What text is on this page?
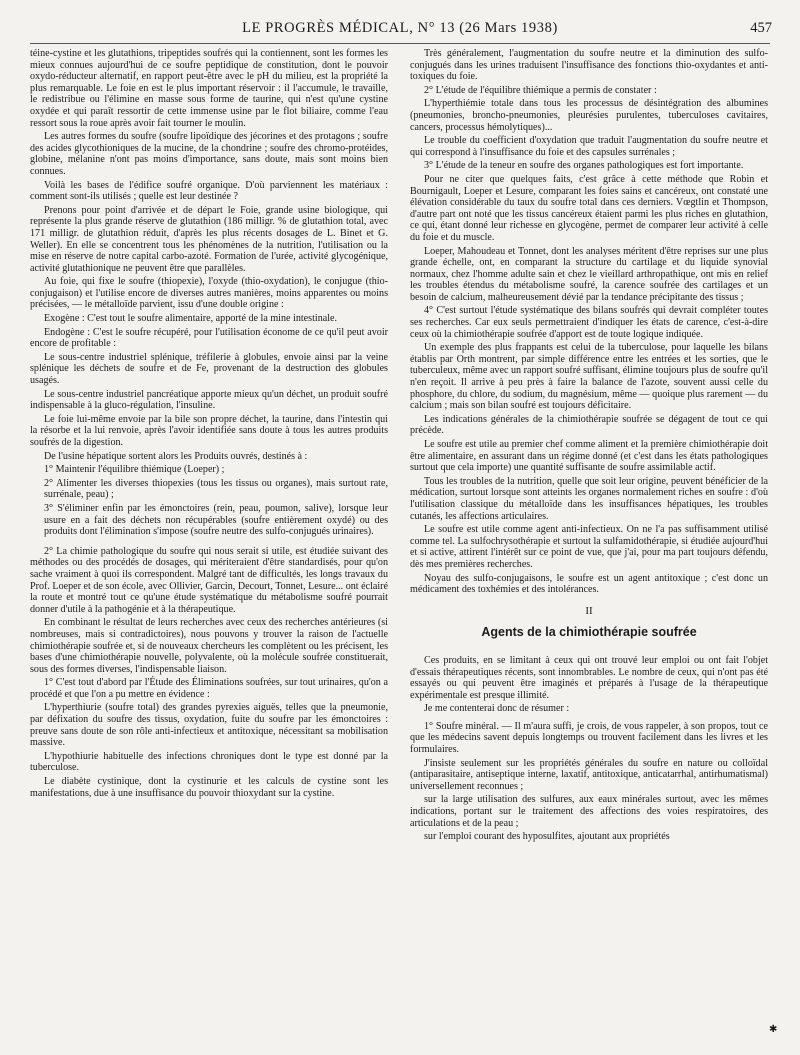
LE PROGRÈS MÉDICAL, N° 13 (26 Mars 1938)	457

téine-cystine et les glutathions, tripeptides soufrés qui la contiennent, sont les formes les mieux connues aujourd'hui de ce soufre peptidique de constitution, dont le pouvoir oxydo-réducteur alternatif, en rapport peut-être avec le pH du milieu, est la propriété la plus remarquable. Le foie en est le plus important réservoir : il l'accumule, le travaille, le redistribue ou l'élimine en masse sous forme de taurine, qui n'est qu'une cystine oxydée et qui paraît ressortir de cette immense usine par le flot biliaire, comme l'eau ressort sous la roue après avoir fait tourner le moulin.

Les autres formes du soufre (soufre lipoïdique des jécorines et des protagons ; soufre des acides glycothioniques de la mucine, de la chondrine ; soufre des chromo-protéides, globine, mélanine n'ont pas moins d'importance, sans doute, mais sont moins bien connues.

Voilà les bases de l'édifice soufré organique. D'où parviennent les matériaux : comment sont-ils utilisés ; quelle est leur destinée ?

Prenons pour point d'arrivée et de départ le Foie, grande usine biologique, qui représente la plus grande réserve de glutathion (186 milligr. % de glutathion total, avec 171 milligr. de glutathion réduit, d'après les plus récents dosages de L. Binet et G. Weller). En elle se concentrent tous les phénomènes de la nutrition, l'utilisation ou la mise en réserve de notre capital carbo-azoté. Formation de l'urée, activité glycogénique, activité glutathionique ne peuvent être que parallèles.

Au foie, qui fixe le soufre (thiopexie), l'oxyde (thio-oxydation), le conjugue (thio-conjugaison) et l'utilise encore de diverses autres manières, moins apparentes ou moins précisées, — le métalloïde parvient, issu d'une double origine :

Exogène : C'est tout le soufre alimentaire, apporté de la mine intestinale.

Endogène : C'est le soufre récupéré, pour l'utilisation économe de ce qu'il peut avoir encore de profitable :

Le sous-centre industriel splénique, tréfilerie à globules, envoie ainsi par la veine splénique les déchets de soufre et de Fe, provenant de la destruction des globules usagés.

Le sous-centre industriel pancréatique apporte mieux qu'un déchet, un produit soufré indispensable à la gluco-régulation, l'insuline.

Le foie lui-même envoie par la bile son propre déchet, la taurine, dans l'intestin qui la résorbe et la lui renvoie, après l'avoir identifiée sans doute à tous les autres produits soufrés de la digestion.

De l'usine hépatique sortent alors les Produits ouvrés, destinés à :

1° Maintenir l'équilibre thiémique (Loeper) ;

2° Alimenter les diverses thiopexies (tous les tissus ou organes), mais surtout rate, surrénale, peau) ;

3° S'éliminer enfin par les émonctoires (rein, peau, poumon, salive), lorsque leur usure en a fait des déchets non récupérables (soufre entièrement oxydé) ou des produits dont l'élimination s'impose (soufre neutre des sulfo-conjugués urinaires).

2° La chimie pathologique du soufre qui nous serait si utile, est étudiée suivant des méthodes ou des procédés de dosages, qui mériteraient d'être standardisés, pour qu'on sache vraiment à quoi ils correspondent. Malgré tant de difficultés, les longs travaux du Prof. Loeper et de son école, avec Ollivier, Garcin, Decourt, Tonnet, Lesure... ont éclairé la route et montré tout ce qu'une étude systématique du métabolisme soufré pourrait donner d'utile à la pathogénie et à la thérapeutique.

En combinant le résultat de leurs recherches avec ceux des recherches antérieures (si nombreuses, mais si contradictoires), nous pouvons y trouver la raison de l'actuelle chimiothérapie soufrée et, si de nouveaux chercheurs les complètent ou les précisent, les bases d'une chimiothérapie nouvelle, polyvalente, où la molécule soufrée constituerait, sous des formes diverses, l'indispensable liaison.

1° C'est tout d'abord par l'Étude des Éliminations soufrées, sur tout urinaires, qu'on a procédé et que l'on a pu mettre en évidence :

L'hyperthiurie (soufre total) des grandes pyrexies aiguës, telles que la pneumonie, par défixation du soufre des tissus, oxydation, fuite du soufre par les émonctoires : preuve sans doute de son rôle anti-infectieux et antitoxique, nécessitant sa mobilisation massive.

L'hypothiurie habituelle des infections chroniques dont le type est donné par la tuberculose.

Le diabète cystinique, dont la cystinurie et les calculs de cystine sont les manifestations, due à une insuffisance du pouvoir thioxydant sur la cystine.

Très généralement, l'augmentation du soufre neutre et la diminution des sulfo-conjugués dans les urines traduisent l'insuffisance des fonctions thio-oxydantes et anti-toxiques du foie.

2° L'étude de l'équilibre thiémique a permis de constater :

L'hyperthiémie totale dans tous les processus de désintégration des albumines (pneumonies, broncho-pneumonies, pleurésies purulentes, tuberculoses cavitaires, cancers, processus hémolytiques)...

Le trouble du coefficient d'oxydation que traduit l'augmentation du soufre neutre et qui correspond à l'insuffisance du foie et des capsules surrénales ;

3° L'étude de la teneur en soufre des organes pathologiques est fort importante.

Pour ne citer que quelques faits, c'est grâce à cette méthode que Robin et Bournigault, Loeper et Lesure, comparant les foies sains et cancéreux, ont constaté une élévation considérable du taux du soufre total dans ces derniers. Vœgtlin et Thompson, d'autre part ont noté que les tissus cancéreux étaient parmi les plus riches en glutathion, ce qui, étant donné leur richesse en glycogène, permet de comparer leur activité à celle du foie et du muscle.

Loeper, Mahoudeau et Tonnet, dont les analyses méritent d'être reprises sur une plus grande échelle, ont, en comparant la structure du cartilage et du liquide synovial normaux, chez l'homme adulte sain et chez le vieillard arthropathique, ont mis en relief les troubles étendus du métabolisme soufré, la carence soufrée des cartilages et un besoin de calcium, malheureusement dévié par la tendance précipitante des tissus ;

4° C'est surtout l'étude systématique des bilans soufrés qui devrait compléter toutes ses recherches. Car eux seuls permettraient d'indiquer les états de carence, c'est-à-dire ceux où la chimiothérapie soufrée d'apport est de toute logique indiquée.

Un exemple des plus frappants est celui de la tuberculose, pour laquelle les bilans établis par Orth montrent, par simple différence entre les entrées et les sorties, que le tuberculeux, même avec un rapport soufré suffisant, élimine toujours plus de soufre qu'il n'en reçoit. Il arrive à peu près à faire la balance de l'azote, souvent aussi celle du phosphore, du chlore, du sodium, du magnésium, même — quoique plus rarement — du calcium ; mais son bilan soufré est toujours déficitaire.

Les indications générales de la chimiothérapie soufrée se dégagent de tout ce qui précède.

Le soufre est utile au premier chef comme aliment et la première chimiothérapie doit être alimentaire, en assurant dans un régime donné (et c'est dans les états pathologiques surtout que cela importe) une quantité suffisante de soufre assimilable actif.

Tous les troubles de la nutrition, quelle que soit leur origine, peuvent bénéficier de la médication, surtout lorsque sont atteints les organes normalement riches en soufre : d'où l'utilisation classique du métalloïde dans les insuffisances hépatiques, les troubles cutanés, les affections articulaires.

Le soufre est utile comme agent anti-infectieux. On ne l'a pas suffisamment utilisé comme tel. La sulfochrysothérapie et surtout la sulfamidothérapie, si étudiée aujourd'hui et si active, attirent l'intérêt sur ce point de vue, que j'ai, pour ma part toujours défendu, dès mes premières recherches.

Noyau des sulfo-conjugaisons, le soufre est un agent antitoxique ; c'est donc un médicament des toxhémies et des intolérances.

II
Agents de la chimiothérapie soufrée

Ces produits, en se limitant à ceux qui ont trouvé leur emploi ou ont fait l'objet d'essais thérapeutiques récents, sont innombrables. Le nombre de ceux, qui n'ont pas été essayés ou qui peuvent être imaginés et préparés à l'usage de la thérapeutique expérimentale est presque illimité.

Je me contenterai donc de résumer :

1° Soufre minéral. — Il m'aura suffi, je crois, de vous rappeler, à son propos, tout ce que les médecins savent depuis longtemps ou trouvent facilement dans les livres et les formulaires.

J'insiste seulement sur les propriétés générales du soufre en nature ou colloïdal (antiparasitaire, antiseptique interne, laxatif, antitoxique, anticatarrhal, antirhumatismal) universellement reconnues ;

sur la large utilisation des sulfures, aux eaux minérales surtout, avec les mêmes indications, portant sur le traitement des affections des voies respiratoires, des articulations et de la peau ;

sur l'emploi courant des hyposulfites, ajoutant aux propriétés

✱
